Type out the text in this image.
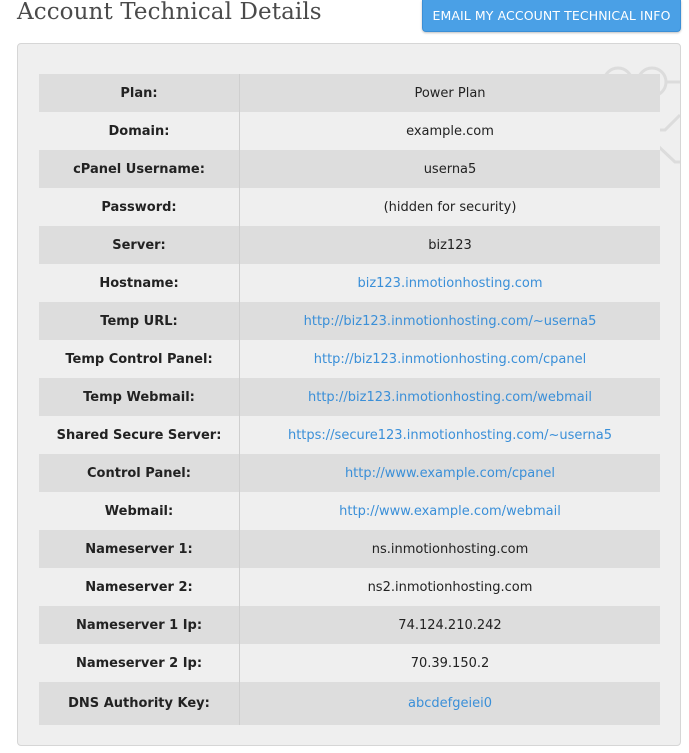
Account Technical Details	EMAIL MY ACCOUNT TECHNICAL INFO
Plan:	Power Plan
Domain:	example.com
cPanel Username:	userna5
Password:	(hidden for security)
Server:	biz123
Hostname:	biz123.inmotionhosting.com
Temp URL:	http://biz123.inmotionhosting.com/~userna5
Temp Control Panel:	http://biz123.inmotionhosting.com/cpanel
Temp Webmail:	http://biz123.inmotionhosting.com/webmail
Shared Secure Server:	https://secure123.inmotionhosting.com/~userna5
Control Panel:	http://www.example.com/cpanel
Webmail:	http://www.example.com/webmail
Nameserver 1:	ns.inmotionhosting.com
Nameserver 2:	ns2.inmotionhosting.com
Nameserver 1 Ip:	74.124.210.242
Nameserver 2 Ip:	70.39.150.2
DNS Authority Key:	abcdefgeiei0
